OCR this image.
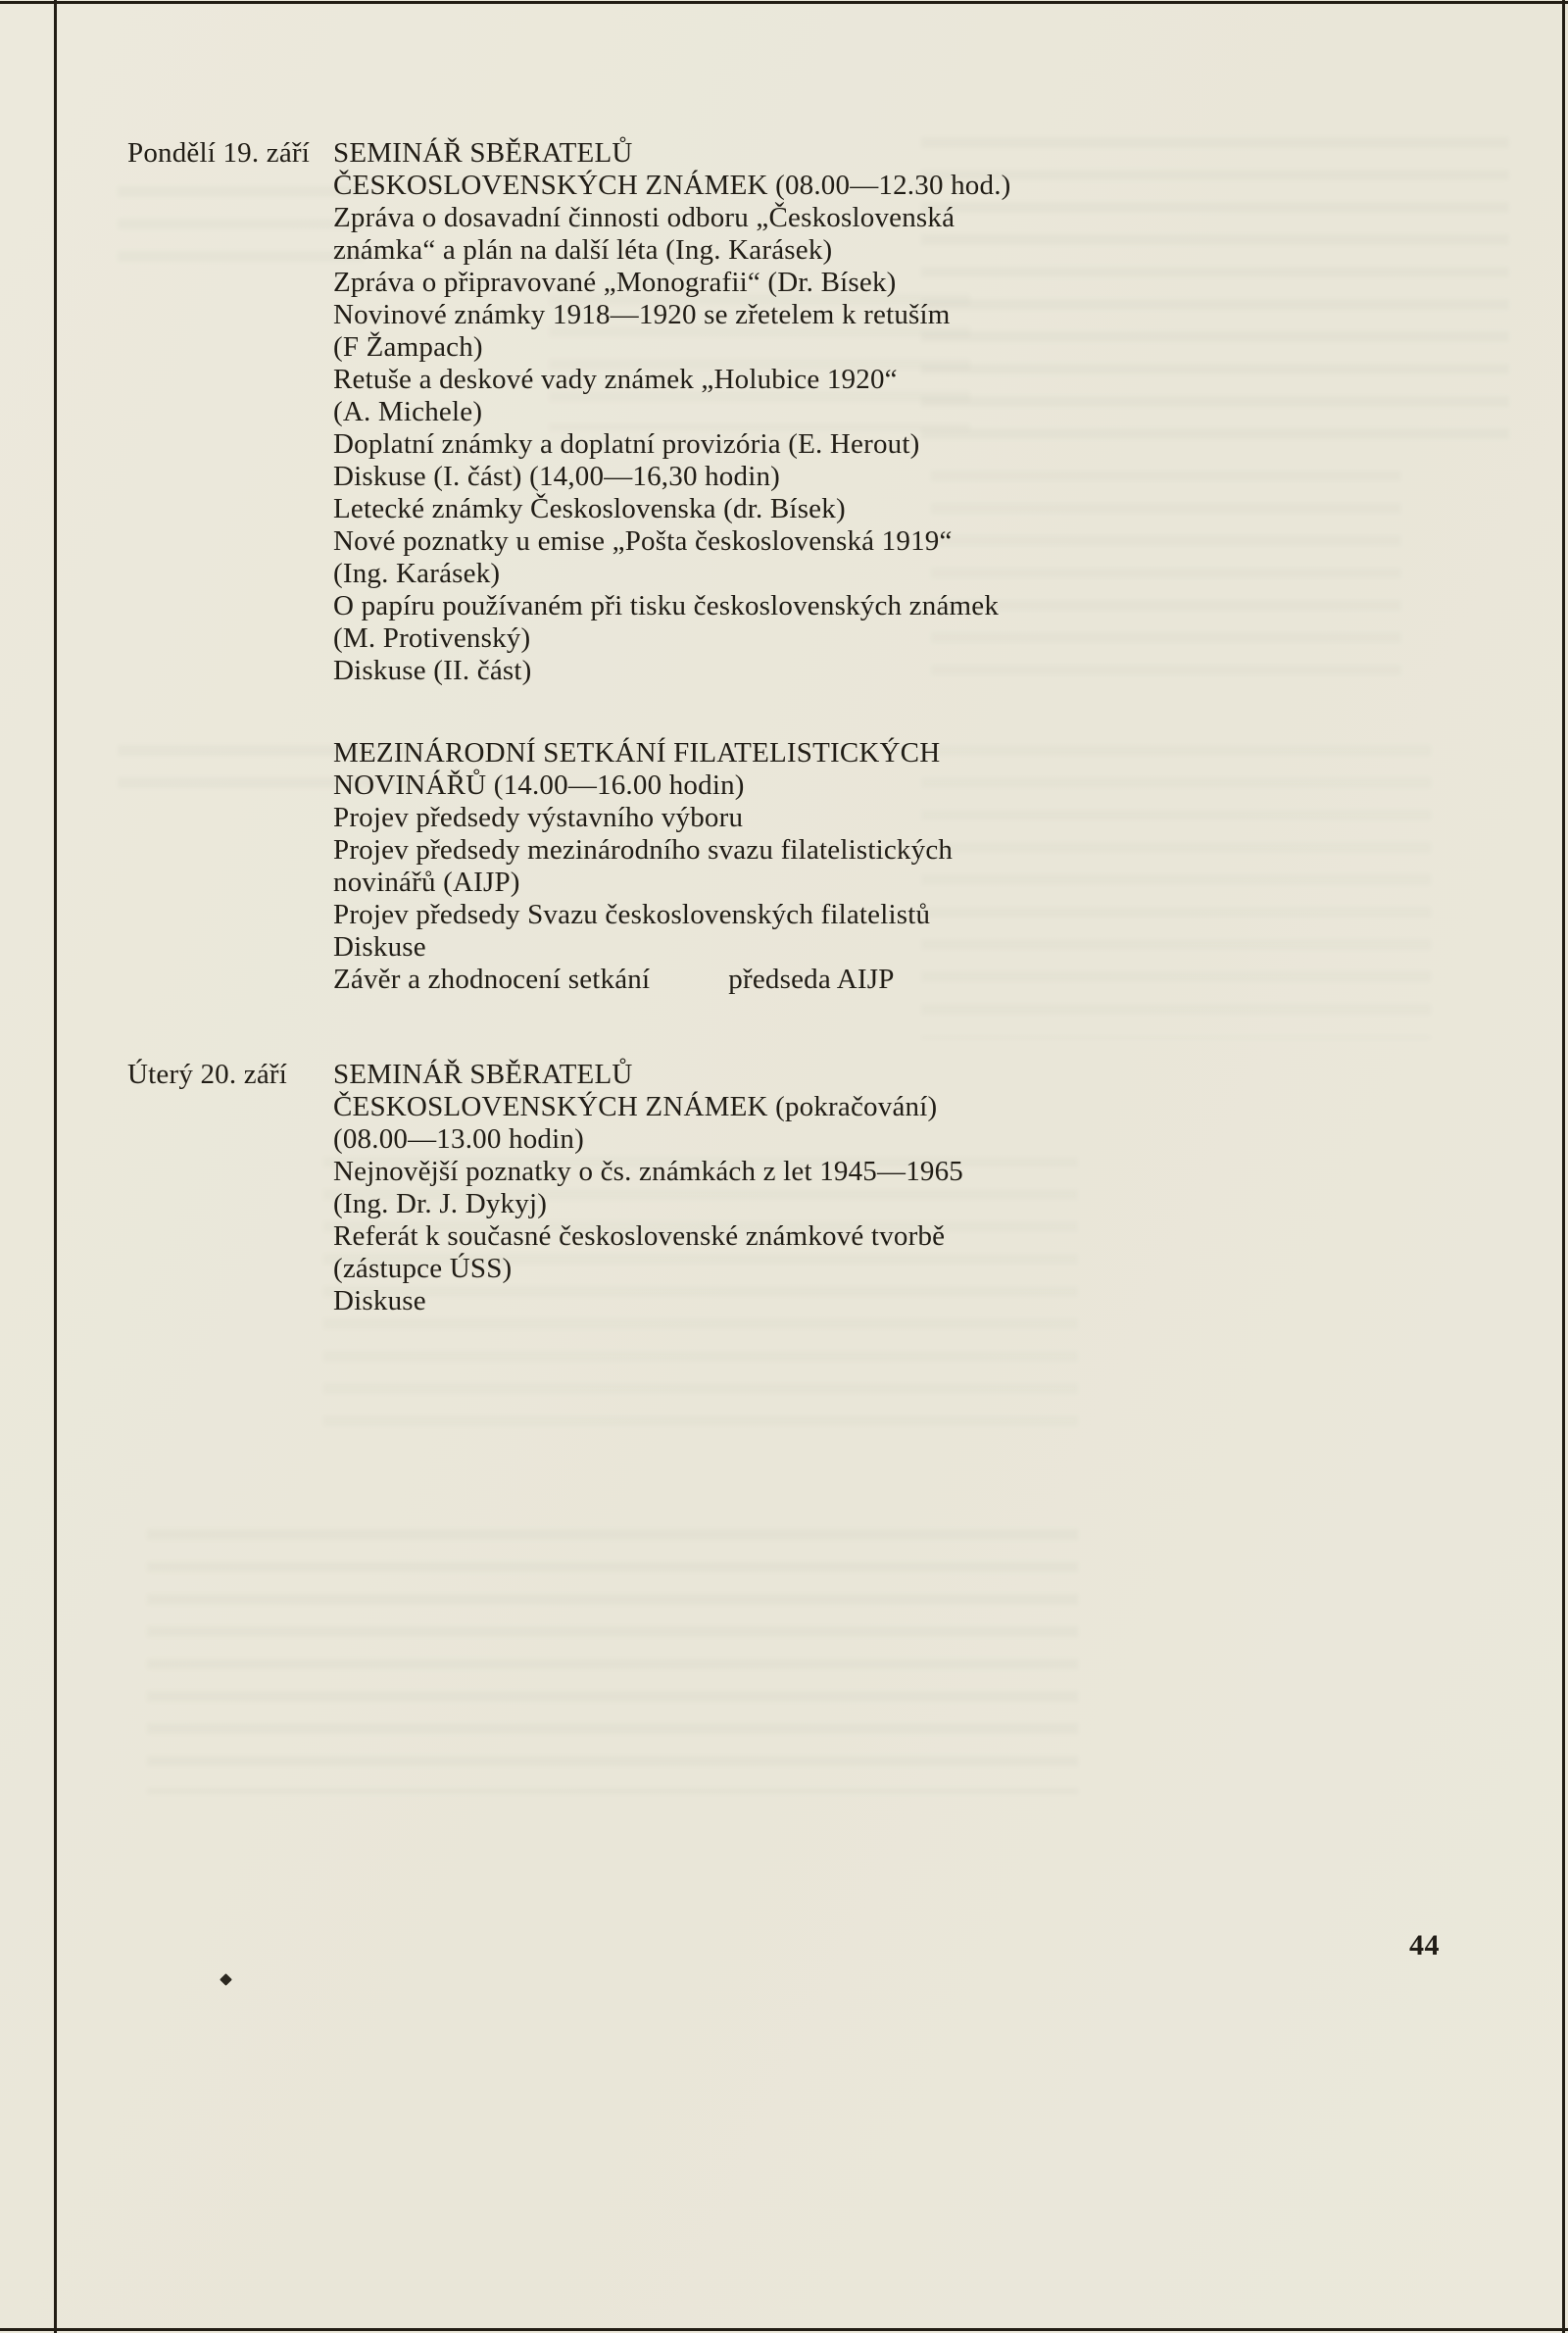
Pondělí 19. září SEMINÁŘ SBĚRATELŮ
ČESKOSLOVENSKÝCH ZNÁMEK (08.00—12.30 hod.)
Zpráva o dosavadní činnosti odboru „Československá
známka“ a plán na další léta (Ing. Karásek)
Zpráva o připravované „Monografii“ (Dr. Bísek)
Novinové známky 1918—1920 se zřetelem k retuším
(F Žampach)
Retuše a deskové vady známek „Holubice 1920“
(A. Michele)
Doplatní známky a doplatní provizória (E. Herout)
Diskuse (I. část) (14,00—16,30 hodin)
Letecké známky Československa (dr. Bísek)
Nové poznatky u emise „Pošta československá 1919“
(Ing. Karásek)
O papíru používaném při tisku československých známek
(M. Protivenský)
Diskuse (II. část)
MEZINÁRODNÍ SETKÁNÍ FILATELISTICKÝCH
NOVINÁŘŮ (14.00—16.00 hodin)
Projev předsedy výstavního výboru
Projev předsedy mezinárodního svazu filatelistických
novinářů (AIJP)
Projev předsedy Svazu československých filatelistů
Diskuse
Závěr a zhodnocení setkání	předseda AIJP
Úterý 20. září SEMINÁŘ SBĚRATELŮ
ČESKOSLOVENSKÝCH ZNÁMEK (pokračování)
(08.00—13.00 hodin)
Nejnovější poznatky o čs. známkách z let 1945—1965
(Ing. Dr. J. Dykyj)
Referát k současné československé známkové tvorbě
(zástupce ÚSS)
Diskuse
44
